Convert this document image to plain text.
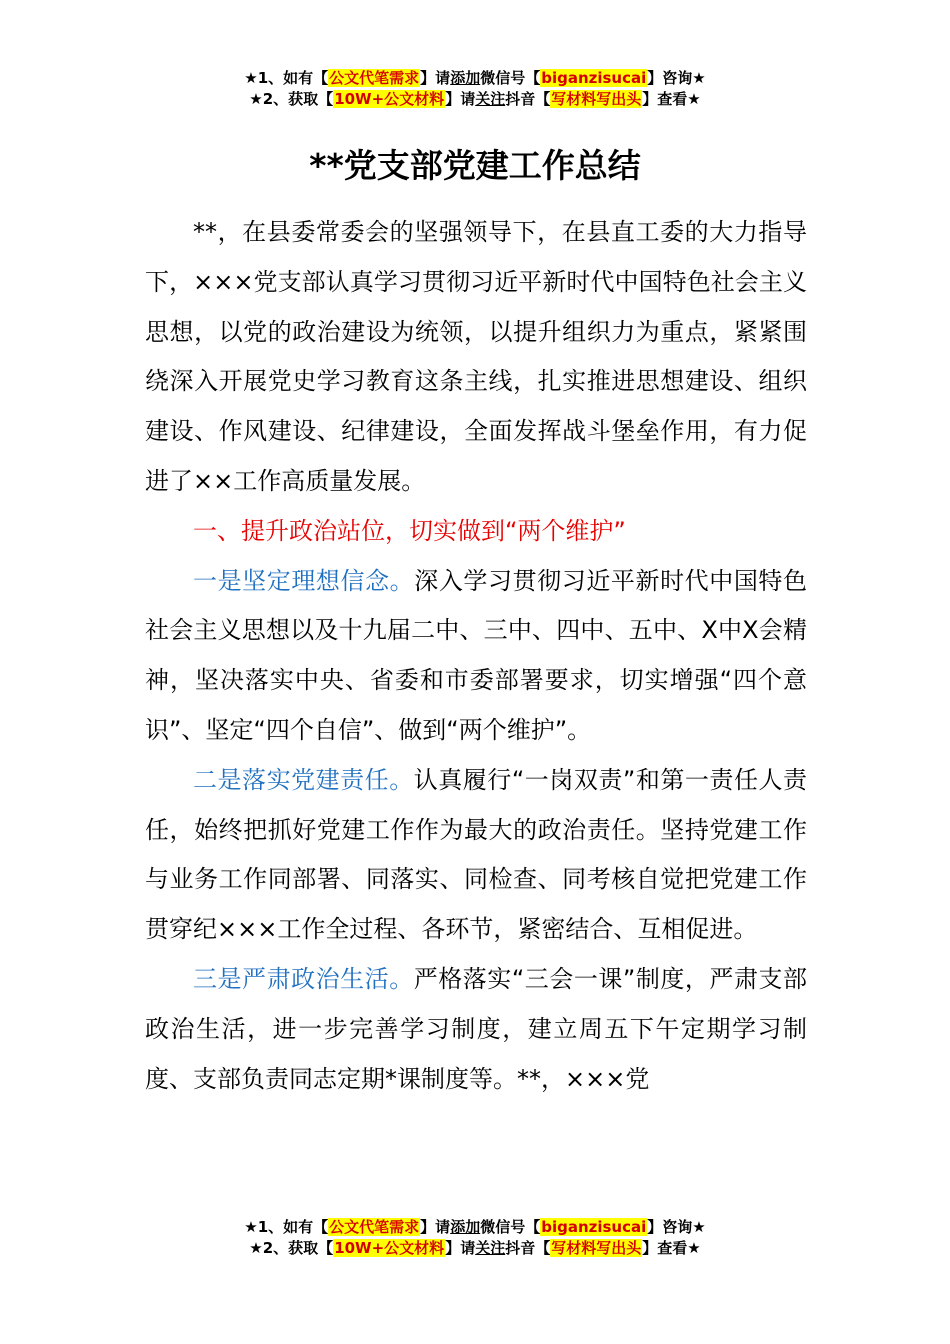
★1、如有【公文代笔需求】请添加微信号【biganzisucai】咨询★
★2、获取【10W+公文材料】请关注抖音【写材料写出头】查看★
**党支部党建工作总结

**，在县委常委会的坚强领导下，在县直工委的大力指导下，×××党支部认真学习贯彻习近平新时代中国特色社会主义思想，以党的政治建设为统领，以提升组织力为重点，紧紧围绕深入开展党史学习教育这条主线，扎实推进思想建设、组织建设、作风建设、纪律建设，全面发挥战斗堡垒作用，有力促进了××工作高质量发展。

一、提升政治站位，切实做到“两个维护”

一是坚定理想信念。深入学习贯彻习近平新时代中国特色社会主义思想以及十九届二中、三中、四中、五中、X中X会精神，坚决落实中央、省委和市委部署要求，切实增强“四个意识”、坚定“四个自信”、做到“两个维护”。

二是落实党建责任。认真履行“一岗双责”和第一责任人责任，始终把抓好党建工作作为最大的政治责任。坚持党建工作与业务工作同部署、同落实、同检查、同考核自觉把党建工作贯穿纪×××工作全过程、各环节，紧密结合、互相促进。

三是严肃政治生活。严格落实“三会一课”制度，严肃支部政治生活，进一步完善学习制度，建立周五下午定期学习制度、支部负责同志定期*课制度等。**，×××党

★1、如有【公文代笔需求】请添加微信号【biganzisucai】咨询★
★2、获取【10W+公文材料】请关注抖音【写材料写出头】查看★
